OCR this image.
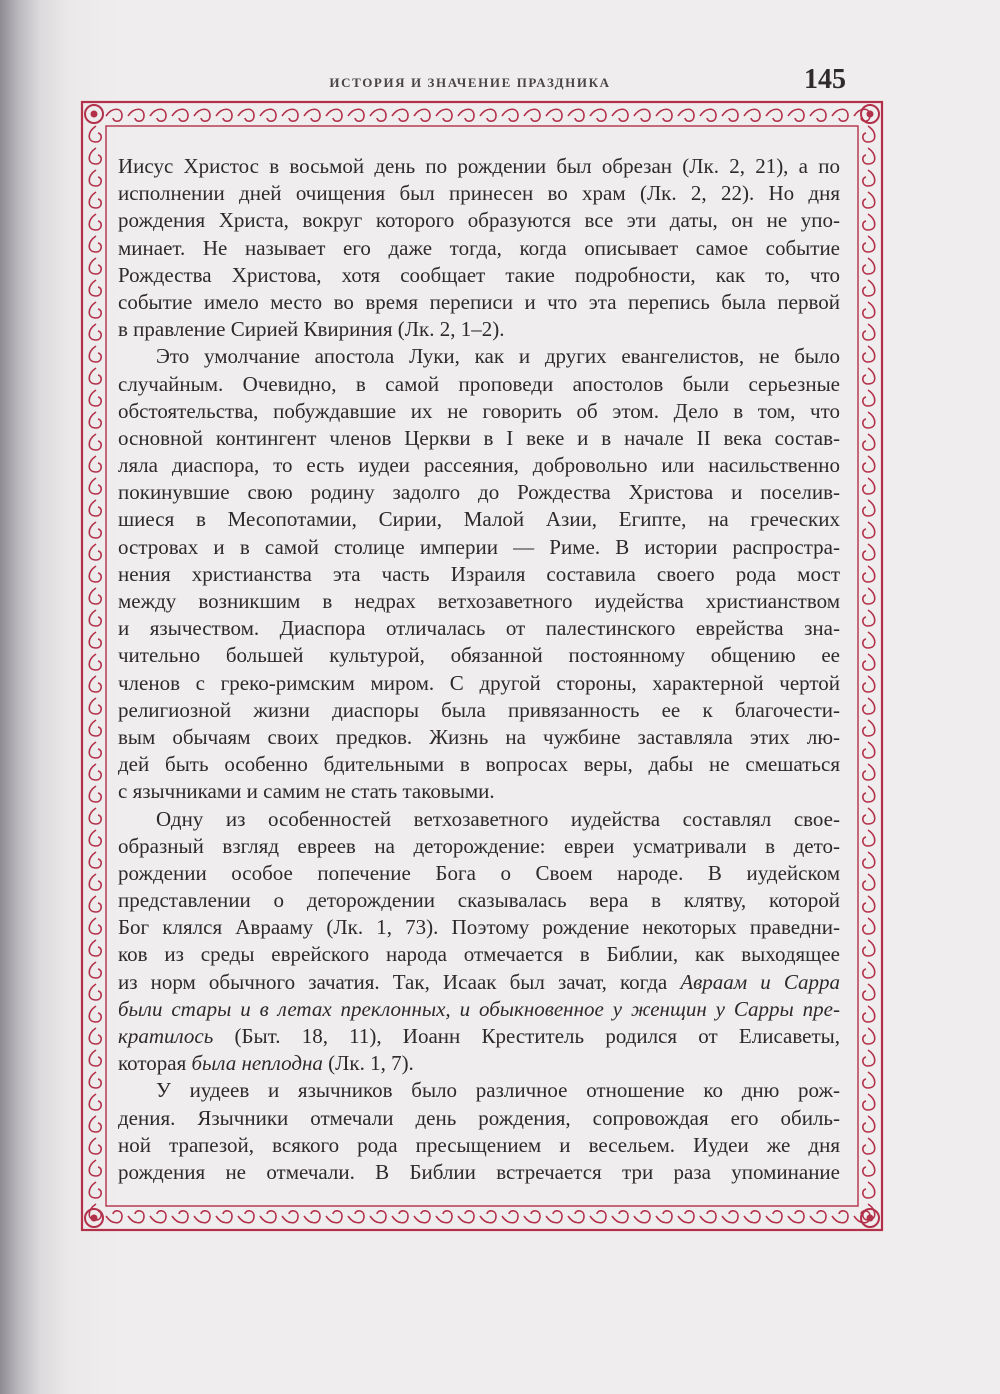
ИСТОРИЯ И ЗНАЧЕНИЕ ПРАЗДНИКА	145
Иисус Христос в восьмой день по рождении был обрезан (Лк. 2, 21), а по
исполнении дней очищения был принесен во храм (Лк. 2, 22). Но дня
рождения Христа, вокруг которого образуются все эти даты, он не упо-
минает. Не называет его даже тогда, когда описывает самое событие
Рождества Христова, хотя сообщает такие подробности, как то, что
событие имело место во время переписи и что эта перепись была первой
в правление Сирией Квириния (Лк. 2, 1–2).
Это умолчание апостола Луки, как и других евангелистов, не было
случайным. Очевидно, в самой проповеди апостолов были серьезные
обстоятельства, побуждавшие их не говорить об этом. Дело в том, что
основной контингент членов Церкви в I веке и в начале II века состав-
ляла диаспора, то есть иудеи рассеяния, добровольно или насильственно
покинувшие свою родину задолго до Рождества Христова и поселив-
шиеся в Месопотамии, Сирии, Малой Азии, Египте, на греческих
островах и в самой столице империи — Риме. В истории распростра-
нения христианства эта часть Израиля составила своего рода мост
между возникшим в недрах ветхозаветного иудейства христианством
и язычеством. Диаспора отличалась от палестинского еврейства зна-
чительно большей культурой, обязанной постоянному общению ее
членов с греко-римским миром. С другой стороны, характерной чертой
религиозной жизни диаспоры была привязанность ее к благочести-
вым обычаям своих предков. Жизнь на чужбине заставляла этих лю-
дей быть особенно бдительными в вопросах веры, дабы не смешаться
с язычниками и самим не стать таковыми.
Одну из особенностей ветхозаветного иудейства составлял свое-
образный взгляд евреев на деторождение: евреи усматривали в дето-
рождении особое попечение Бога о Своем народе. В иудейском
представлении о деторождении сказывалась вера в клятву, которой
Бог клялся Аврааму (Лк. 1, 73). Поэтому рождение некоторых праведни-
ков из среды еврейского народа отмечается в Библии, как выходящее
из норм обычного зачатия. Так, Исаак был зачат, когда Авраам и Сарра
были стары и в летах преклонных, и обыкновенное у женщин у Сарры пре-
кратилось (Быт. 18, 11), Иоанн Креститель родился от Елисаветы,
которая была неплодна (Лк. 1, 7).
У иудеев и язычников было различное отношение ко дню рож-
дения. Язычники отмечали день рождения, сопровождая его обиль-
ной трапезой, всякого рода пресыщением и весельем. Иудеи же дня
рождения не отмечали. В Библии встречается три раза упоминание
